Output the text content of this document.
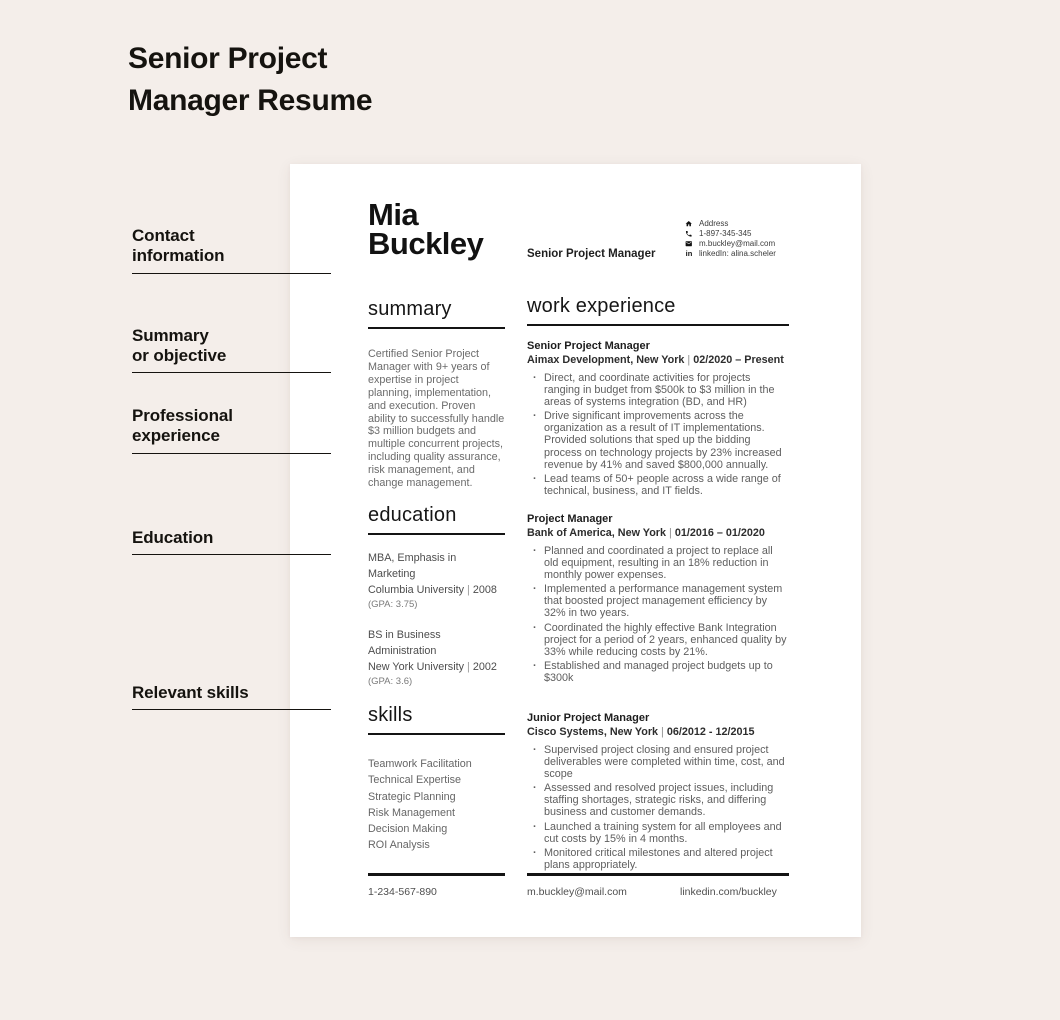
Senior Project
Manager Resume
Contact
information
Summary
or objective
Professional
experience
Education
Relevant skills
Mia
Buckley	Senior Project Manager
Address
1-897-345-345
m.buckley@mail.com
in linkedIn: alina.scheler
summary
Certified Senior Project Manager with 9+ years of expertise in project planning, implementation, and execution. Proven ability to successfully handle $3 million budgets and multiple concurrent projects, including quality assurance, risk management, and change management.
education
MBA, Emphasis in Marketing
Columbia University | 2008
(GPA: 3.75)
BS in Business Administration
New York University | 2002
(GPA: 3.6)
skills
Teamwork Facilitation
Technical Expertise
Strategic Planning
Risk Management
Decision Making
ROI Analysis
work experience
Senior Project Manager
Aimax Development, New York | 02/2020 – Present
· Direct, and coordinate activities for projects ranging in budget from $500k to $3 million in the areas of systems integration (BD, and HR)
· Drive significant improvements across the organization as a result of IT implementations. Provided solutions that sped up the bidding process on technology projects by 23% increased revenue by 41% and saved $800,000 annually.
· Lead teams of 50+ people across a wide range of technical, business, and IT fields.
Project Manager
Bank of America, New York | 01/2016 – 01/2020
· Planned and coordinated a project to replace all old equipment, resulting in an 18% reduction in monthly power expenses.
· Implemented a performance management system that boosted project management efficiency by 32% in two years.
· Coordinated the highly effective Bank Integration project for a period of 2 years, enhanced quality by 33% while reducing costs by 21%.
· Established and managed project budgets up to $300k
Junior Project Manager
Cisco Systems, New York | 06/2012 - 12/2015
· Supervised project closing and ensured project deliverables were completed within time, cost, and scope
· Assessed and resolved project issues, including staffing shortages, strategic risks, and differing business and customer demands.
· Launched a training system for all employees and cut costs by 15% in 4 months.
· Monitored critical milestones and altered project plans appropriately.
1-234-567-890	m.buckley@mail.com	linkedin.com/buckley
